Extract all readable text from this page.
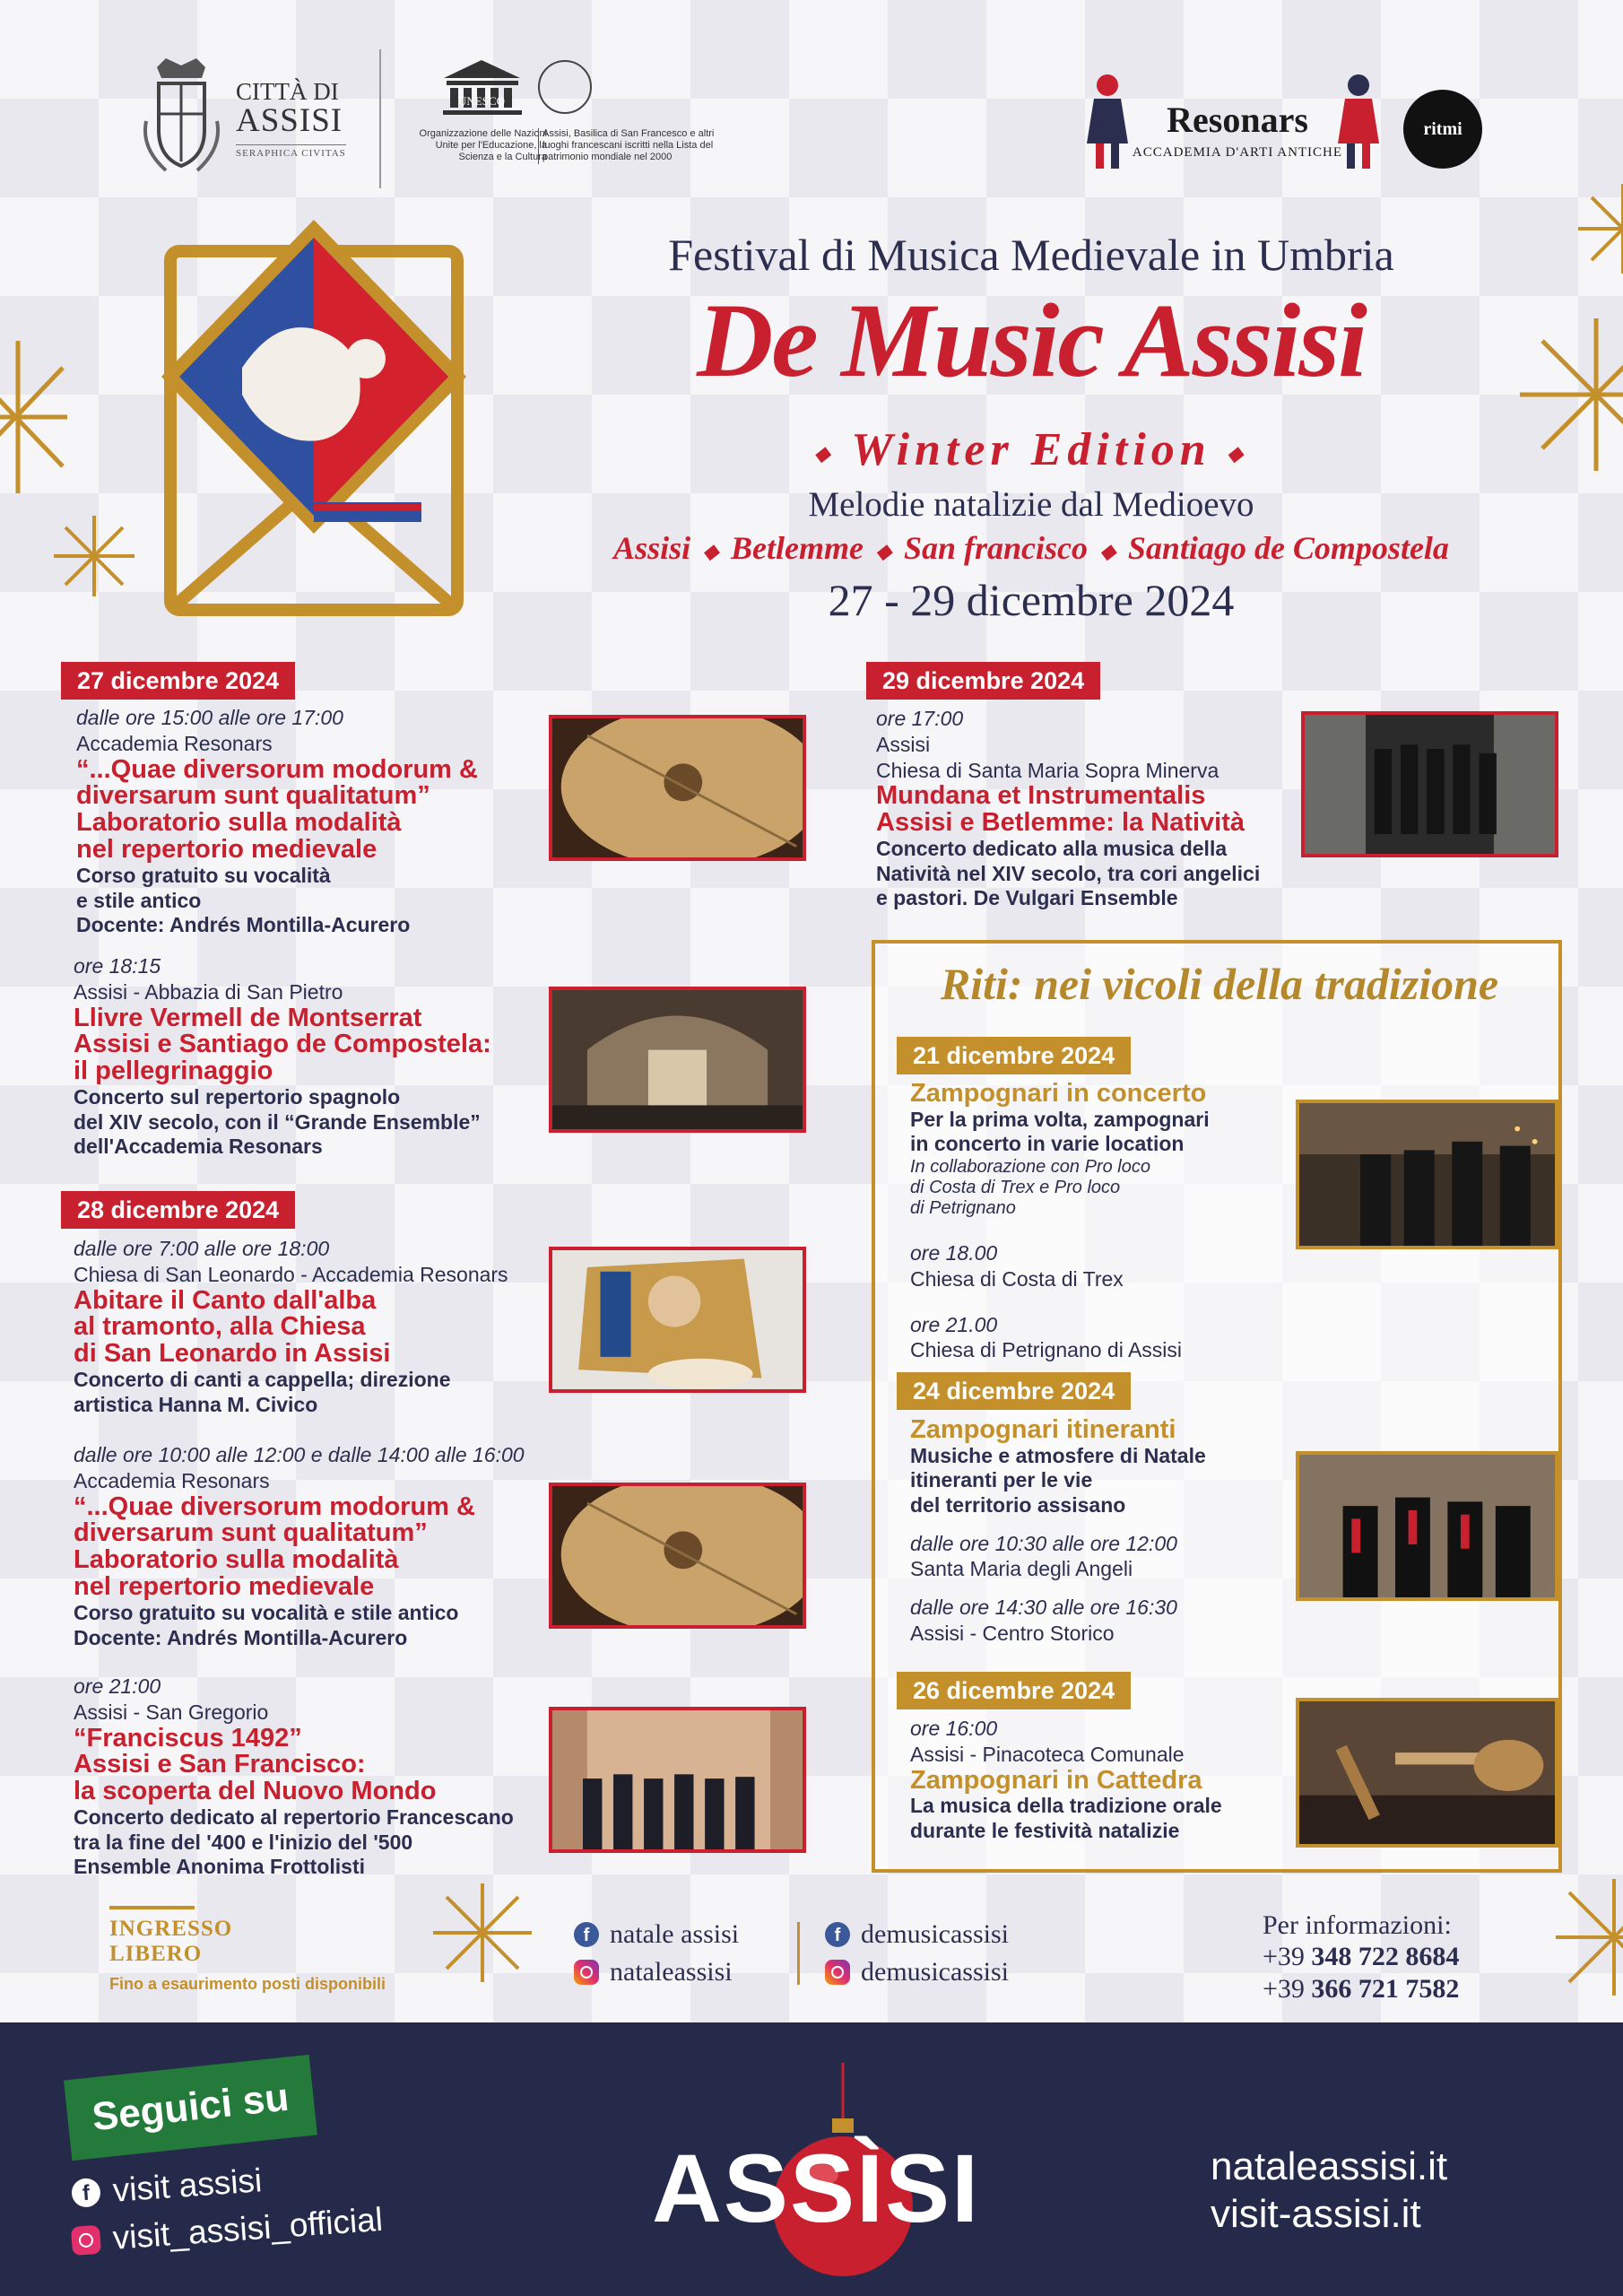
CITTÀ DI
ASSISI
SERAPHICA CIVITAS
UNESCO
Organizzazione delle Nazioni Unite per l'Educazione, la Scienza e la Cultura
Assisi, Basilica di San Francesco e altri luoghi francescani iscritti nella Lista del patrimonio mondiale nel 2000
Resonars
ACCADEMIA D'ARTI ANTICHE
ritmi
Festival di Musica Medievale in Umbria
De Music Assisi
◆ Winter Edition ◆
Melodie natalizie dal Medioevo
Assisi ◆ Betlemme ◆ San francisco ◆ Santiago de Compostela
27 - 29 dicembre 2024
27 dicembre 2024
dalle ore 15:00 alle ore 17:00
Accademia Resonars
“...Quae diversorum modorum &
diversarum sunt qualitatum”
Laboratorio sulla modalità
nel repertorio medievale
Corso gratuito su vocalità
e stile antico
Docente: Andrés Montilla-Acurero
ore 18:15
Assisi - Abbazia di San Pietro
Llivre Vermell de Montserrat
Assisi e Santiago de Compostela:
il pellegrinaggio
Concerto sul repertorio spagnolo
del XIV secolo, con il “Grande Ensemble”
dell'Accademia Resonars
28 dicembre 2024
dalle ore 7:00 alle ore 18:00
Chiesa di San Leonardo - Accademia Resonars
Abitare il Canto dall'alba
al tramonto, alla Chiesa
di San Leonardo in Assisi
Concerto di canti a cappella; direzione
artistica Hanna M. Civico
dalle ore 10:00 alle 12:00 e dalle 14:00 alle 16:00
Accademia Resonars
“...Quae diversorum modorum &
diversarum sunt qualitatum”
Laboratorio sulla modalità
nel repertorio medievale
Corso gratuito su vocalità e stile antico
Docente: Andrés Montilla-Acurero
ore 21:00
Assisi - San Gregorio
“Franciscus 1492”
Assisi e San Francisco:
la scoperta del Nuovo Mondo
Concerto dedicato al repertorio Francescano
tra la fine del '400 e l'inizio del '500
Ensemble Anonima Frottolisti
29 dicembre 2024
ore 17:00
Assisi
Chiesa di Santa Maria Sopra Minerva
Mundana et Instrumentalis
Assisi e Betlemme: la Natività
Concerto dedicato alla musica della
Natività nel XIV secolo, tra cori angelici
e pastori. De Vulgari Ensemble
Riti: nei vicoli della tradizione
21 dicembre 2024
Zampognari in concerto
Per la prima volta, zampognari
in concerto in varie location
In collaborazione con Pro loco
di Costa di Trex e Pro loco
di Petrignano
ore 18.00
Chiesa di Costa di Trex
ore 21.00
Chiesa di Petrignano di Assisi
24 dicembre 2024
Zampognari itineranti
Musiche e atmosfere di Natale
itineranti per le vie
del territorio assisano
dalle ore 10:30 alle ore 12:00
Santa Maria degli Angeli
dalle ore 14:30 alle ore 16:30
Assisi - Centro Storico
26 dicembre 2024
ore 16:00
Assisi - Pinacoteca Comunale
Zampognari in Cattedra
La musica della tradizione orale
durante le festività natalizie
INGRESSO
LIBERO
Fino a esaurimento posti disponibili
f
natale assisi
nataleassisi
f
demusicassisi
demusicassisi
Per informazioni:
+39 348 722 8684
+39 366 721 7582
Seguici su
f
visit assisi
visit_assisi_official	ASSÌSI	nataleassisi.it
visit-assisi.it
